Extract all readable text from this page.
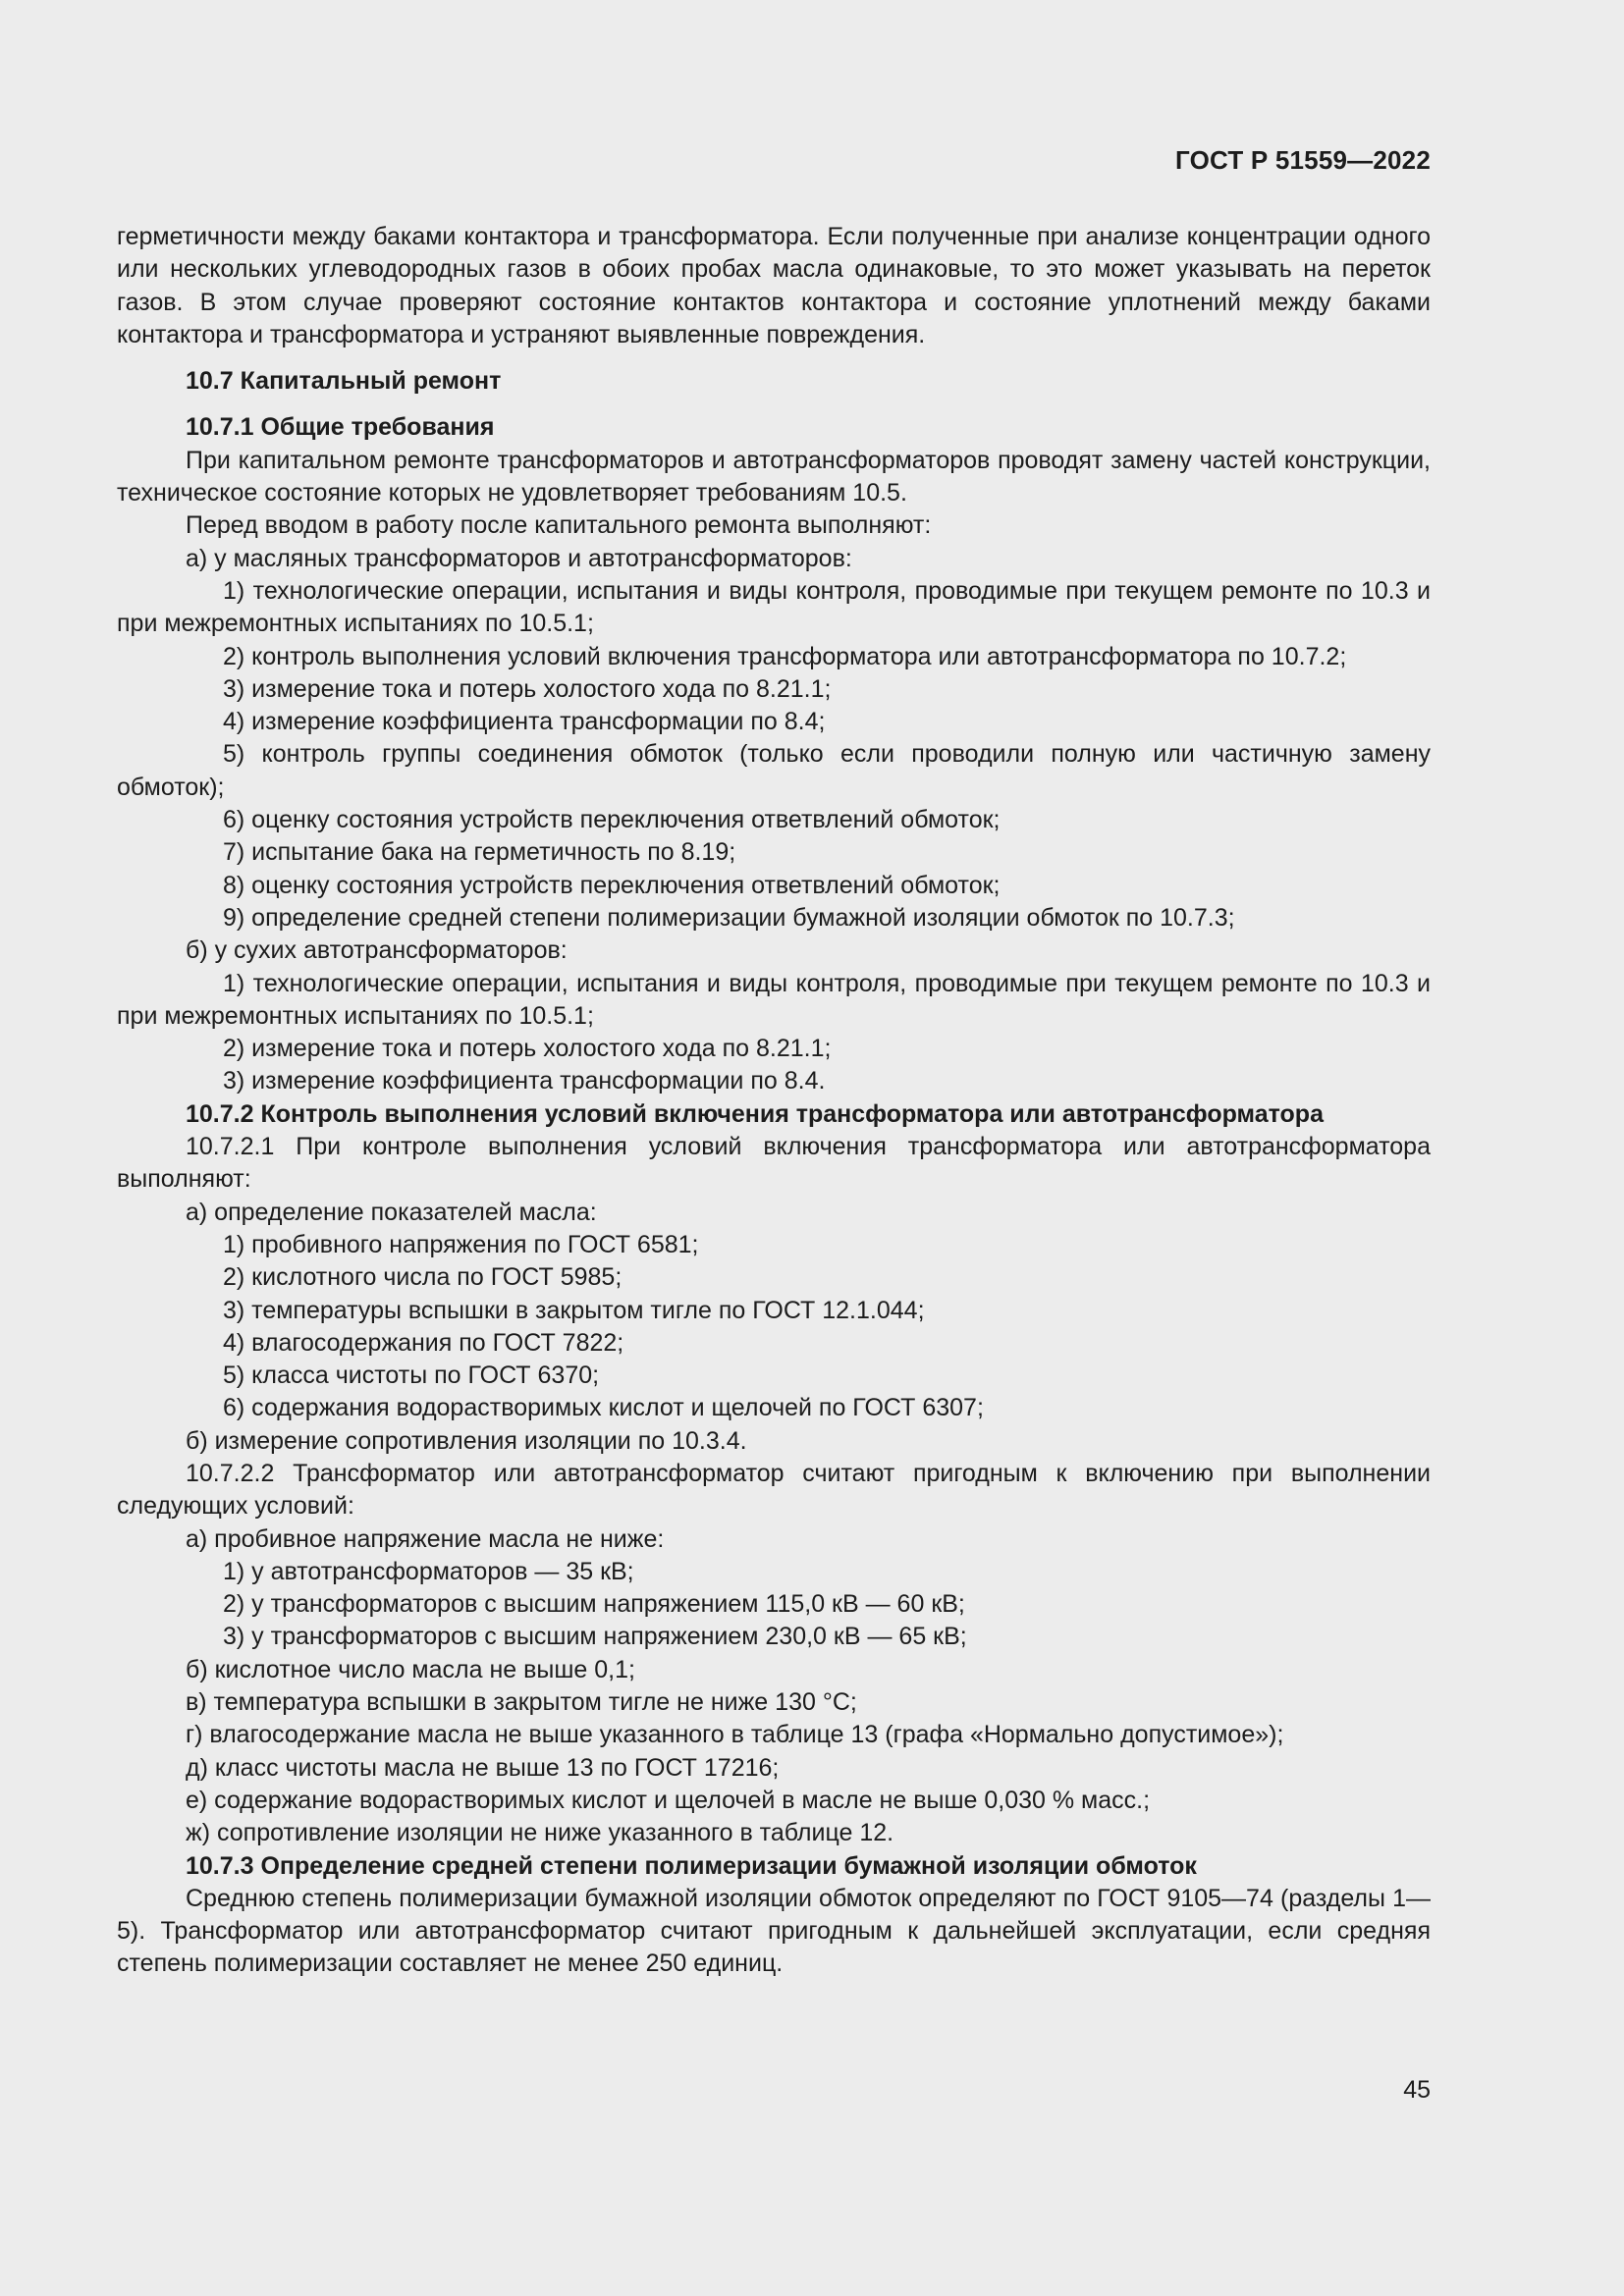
ГОСТ Р 51559—2022

герметичности между баками контактора и трансформатора. Если полученные при анализе концентрации одного или нескольких углеводородных газов в обоих пробах масла одинаковые, то это может указывать на переток газов. В этом случае проверяют состояние контактов контактора и состояние уплотнений между баками контактора и трансформатора и устраняют выявленные повреждения.

10.7 Капитальный ремонт

10.7.1 Общие требования

При капитальном ремонте трансформаторов и автотрансформаторов проводят замену частей конструкции, техническое состояние которых не удовлетворяет требованиям 10.5.

Перед вводом в работу после капитального ремонта выполняют:

а) у масляных трансформаторов и автотрансформаторов:

1) технологические операции, испытания и виды контроля, проводимые при текущем ремонте по 10.3 и при межремонтных испытаниях по 10.5.1;

2) контроль выполнения условий включения трансформатора или автотрансформатора по 10.7.2;

3) измерение тока и потерь холостого хода по 8.21.1;

4) измерение коэффициента трансформации по 8.4;

5) контроль группы соединения обмоток (только если проводили полную или частичную замену обмоток);

6) оценку состояния устройств переключения ответвлений обмоток;

7) испытание бака на герметичность по 8.19;

8) оценку состояния устройств переключения ответвлений обмоток;

9) определение средней степени полимеризации бумажной изоляции обмоток по 10.7.3;

б) у сухих автотрансформаторов:

1) технологические операции, испытания и виды контроля, проводимые при текущем ремонте по 10.3 и при межремонтных испытаниях по 10.5.1;

2) измерение тока и потерь холостого хода по 8.21.1;

3) измерение коэффициента трансформации по 8.4.

10.7.2 Контроль выполнения условий включения трансформатора или автотрансформатора

10.7.2.1 При контроле выполнения условий включения трансформатора или автотрансформатора выполняют:

а) определение показателей масла:

1) пробивного напряжения по ГОСТ 6581;

2) кислотного числа по ГОСТ 5985;

3) температуры вспышки в закрытом тигле по ГОСТ 12.1.044;

4) влагосодержания по ГОСТ 7822;

5) класса чистоты по ГОСТ 6370;

6) содержания водорастворимых кислот и щелочей по ГОСТ 6307;

б) измерение сопротивления изоляции по 10.3.4.

10.7.2.2 Трансформатор или автотрансформатор считают пригодным к включению при выполнении следующих условий:

а) пробивное напряжение масла не ниже:

1) у автотрансформаторов — 35 кВ;

2) у трансформаторов с высшим напряжением 115,0 кВ — 60 кВ;

3) у трансформаторов с высшим напряжением 230,0 кВ — 65 кВ;

б) кислотное число масла не выше 0,1;

в) температура вспышки в закрытом тигле не ниже 130 °С;

г) влагосодержание масла не выше указанного в таблице 13 (графа «Нормально допустимое»);

д) класс чистоты масла не выше 13 по ГОСТ 17216;

е) содержание водорастворимых кислот и щелочей в масле не выше 0,030 % масс.;

ж) сопротивление изоляции не ниже указанного в таблице 12.

10.7.3 Определение средней степени полимеризации бумажной изоляции обмоток

Среднюю степень полимеризации бумажной изоляции обмоток определяют по ГОСТ 9105—74 (разделы 1—5). Трансформатор или автотрансформатор считают пригодным к дальнейшей эксплуатации, если средняя степень полимеризации составляет не менее 250 единиц.

45
